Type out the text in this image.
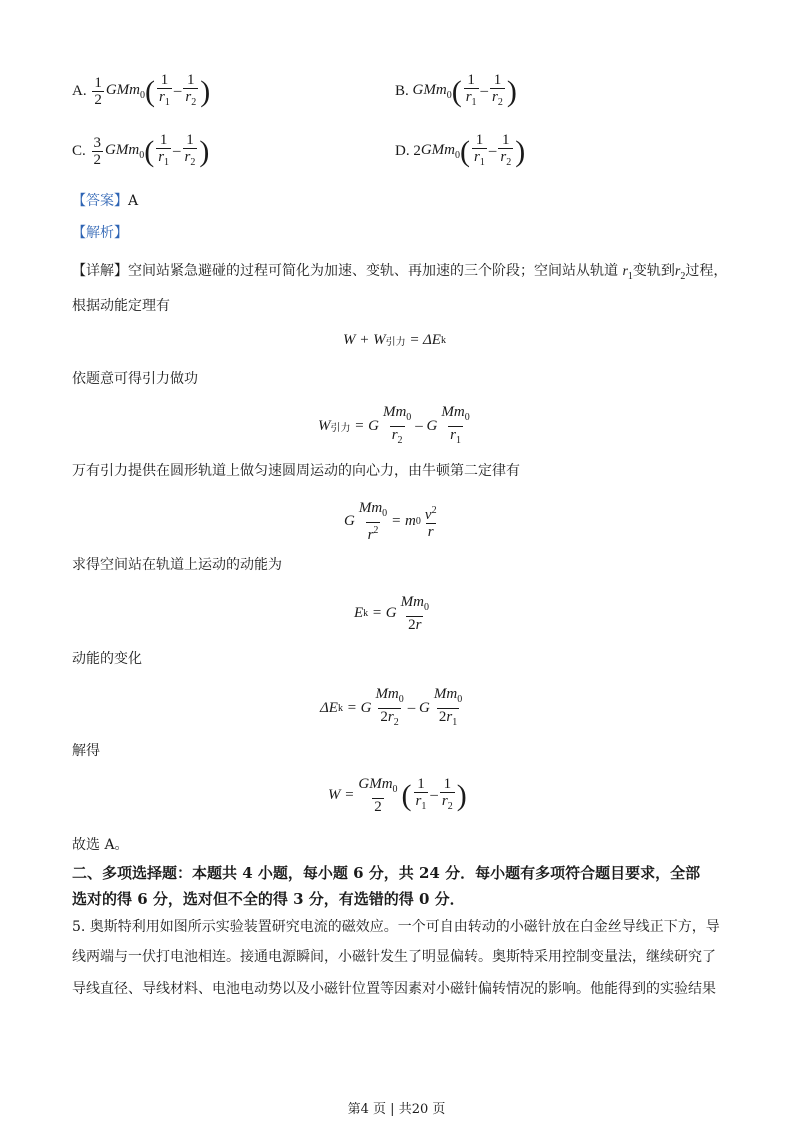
A.
$\frac{1}{2} GMm_0$ ( $\frac{1}{r_1} - \frac{1}{r_2}$ )	B.
GMm$_0$ ( $\frac{1}{r_1} - \frac{1}{r_2}$ )
C.
$\frac{3}{2} GMm_0$ ( $\frac{1}{r_1} - \frac{1}{r_2}$ )	D.
2 GMm$_0$ ( $\frac{1}{r_1} - \frac{1}{r_2}$ )
【答案】A
【解析】
【详解】空间站紧急避碰的过程可简化为加速、变轨、再加速的三个阶段；空间站从轨道 $r_1$变轨到$r_2$过程，
根据动能定理有
W + W 引力 = ΔE k
依题意可得引力做功
W 引力 = G $\frac{Mm_0}{r_2}$ – G $\frac{Mm_0}{r_1}$
万有引力提供在圆形轨道上做匀速圆周运动的向心力，由牛顿第二定律有
G $\frac{Mm_0}{r^2} = m$ $0 \frac{v^2}{r}$
求得空间站在轨道上运动的动能为
E k = G $\frac{Mm_0}{2r}$
动能的变化
ΔE k = G $\frac{Mm_0}{2r_2}$ – G $\frac{Mm_0}{2r_1}$
解得
$W = \frac{GMm_0}{2}$ ( $\frac{1}{r_1} - \frac{1}{r_2}$ )
故选 A。
二、多项选择题：本题共 4 小题，每小题 6 分，共 24 分．每小题有多项符合题目要求，全部
选对的得 6 分，选对但不全的得 3 分，有选错的得 0 分．
5. 奥斯特利用如图所示实验装置研究电流的磁效应。一个可自由转动的小磁针放在白金丝导线正下方，导
线两端与一伏打电池相连。接通电源瞬间，小磁针发生了明显偏转。奥斯特采用控制变量法，继续研究了
导线直径、导线材料、电池电动势以及小磁针位置等因素对小磁针偏转情况的影响。他能得到的实验结果
第4 页 | 共20 页
